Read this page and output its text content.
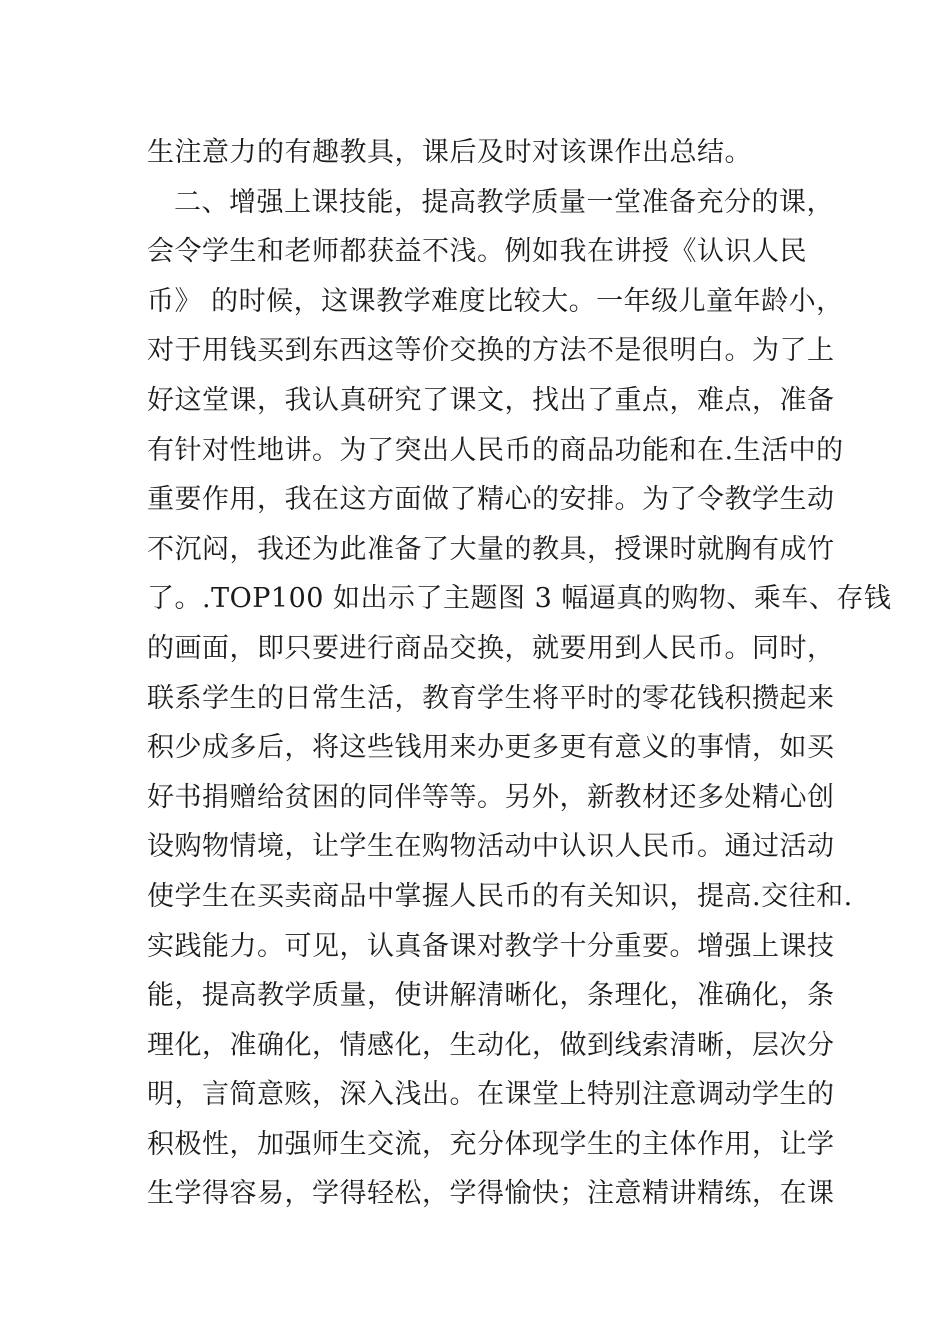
生注意力的有趣教具，课后及时对该课作出总结。
二、增强上课技能，提高教学质量一堂准备充分的课，
会令学生和老师都获益不浅。例如我在讲授《认识人民
币》 的时候，这课教学难度比较大。一年级儿童年龄小，
对于用钱买到东西这等价交换的方法不是很明白。为了上
好这堂课，我认真研究了课文，找出了重点，难点，准备
有针对性地讲。为了突出人民币的商品功能和在.生活中的
重要作用，我在这方面做了精心的安排。为了令教学生动
不沉闷，我还为此准备了大量的教具，授课时就胸有成竹
了。.TOP100 如出示了主题图 3 幅逼真的购物、乘车、存钱
的画面，即只要进行商品交换，就要用到人民币。同时，
联系学生的日常生活，教育学生将平时的零花钱积攒起来
积少成多后，将这些钱用来办更多更有意义的事情，如买
好书捐赠给贫困的同伴等等。另外，新教材还多处精心创
设购物情境，让学生在购物活动中认识人民币。通过活动
使学生在买卖商品中掌握人民币的有关知识，提高.交往和.
实践能力。可见，认真备课对教学十分重要。增强上课技
能，提高教学质量，使讲解清晰化，条理化，准确化，条
理化，准确化，情感化，生动化，做到线索清晰，层次分
明，言简意赅，深入浅出。在课堂上特别注意调动学生的
积极性，加强师生交流，充分体现学生的主体作用，让学
生学得容易，学得轻松，学得愉快；注意精讲精练，在课
